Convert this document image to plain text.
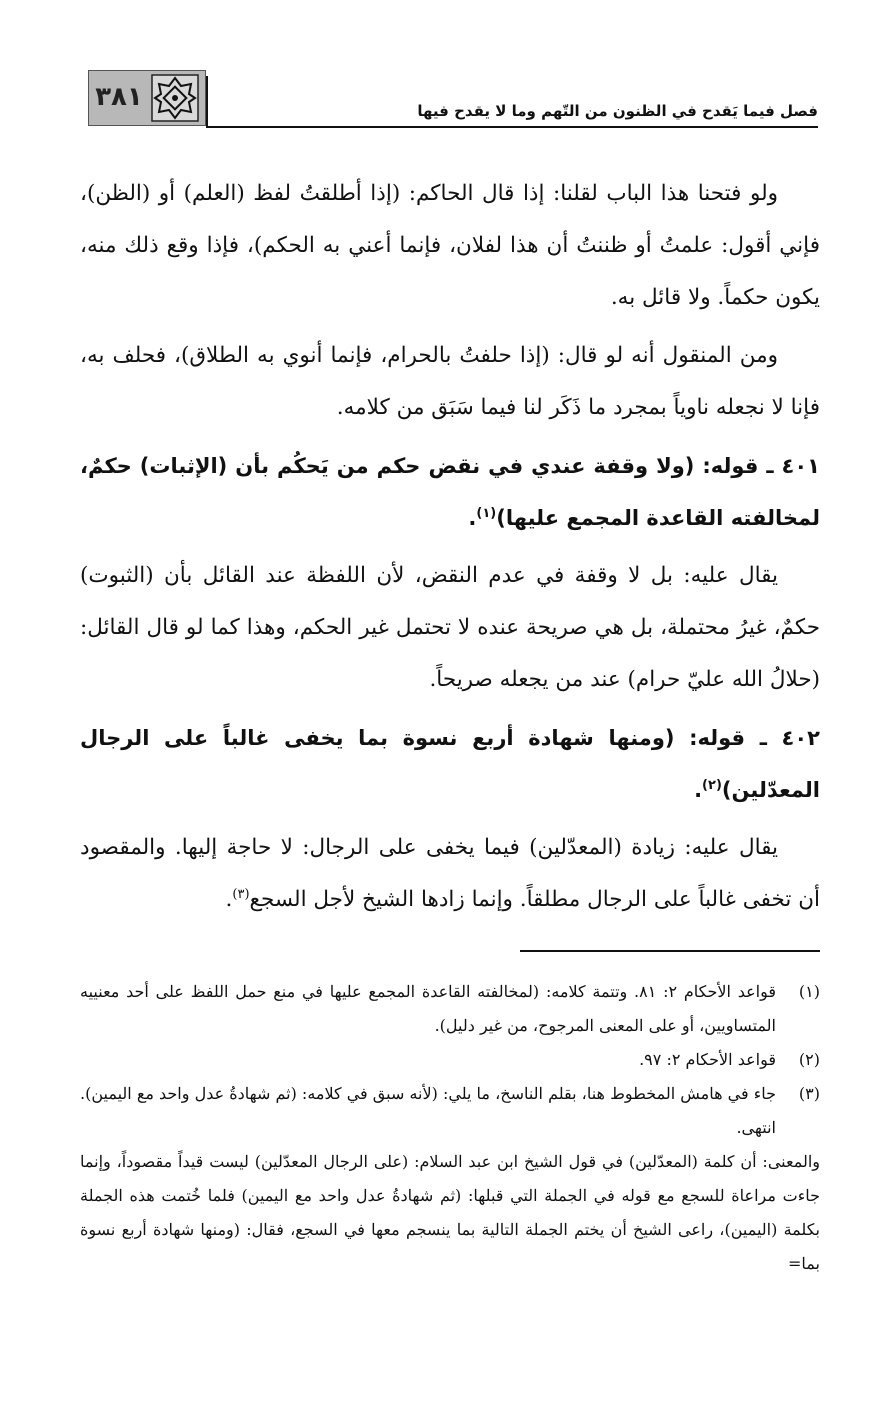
٣٨١	فصل فيما يَقدح في الظنون من التّهم وما لا يقدح فيها

ولو فتحنا هذا الباب لقلنا: إذا قال الحاكم: (إذا أطلقتُ لفظ (العلم) أو (الظن)، فإني أقول: علمتُ أو ظننتُ أن هذا لفلان، فإنما أعني به الحكم)، فإذا وقع ذلك منه، يكون حكماً. ولا قائل به.

ومن المنقول أنه لو قال: (إذا حلفتُ بالحرام، فإنما أنوي به الطلاق)، فحلف به، فإنا لا نجعله ناوياً بمجرد ما ذَكَر لنا فيما سَبَق من كلامه.

٤٠١ ـ قوله: (ولا وقفة عندي في نقض حكم من يَحكُم بأن (الإثبات) حكمٌ، لمخالفته القاعدة المجمع عليها)$^{(١)}$.

يقال عليه: بل لا وقفة في عدم النقض، لأن اللفظة عند القائل بأن (الثبوت) حكمٌ، غيرُ محتملة، بل هي صريحة عنده لا تحتمل غير الحكم، وهذا كما لو قال القائل: (حلالُ الله عليّ حرام) عند من يجعله صريحاً.

٤٠٢ ـ قوله: (ومنها شهادة أربع نسوة بما يخفى غالباً على الرجال المعدّلين)$^{(٢)}$.

يقال عليه: زيادة (المعدّلين) فيما يخفى على الرجال: لا حاجة إليها. والمقصود أن تخفى غالباً على الرجال مطلقاً. وإنما زادها الشيخ لأجل السجع$^{(٣)}$.

(١)
قواعد الأحكام ٢: ٨١. وتتمة كلامه: (لمخالفته القاعدة المجمع عليها في منع حمل اللفظ على أحد معنييه المتساويين، أو على المعنى المرجوح، من غير دليل).
(٢)
قواعد الأحكام ٢: ٩٧.
(٣)
جاء في هامش المخطوط هنا، بقلم الناسخ، ما يلي: (لأنه سبق في كلامه: (ثم شهادةُ عدل واحد مع اليمين). انتهى.

والمعنى: أن كلمة (المعدّلين) في قول الشيخ ابن عبد السلام: (على الرجال المعدّلين) ليست قيداً مقصوداً، وإنما جاءت مراعاة للسجع مع قوله في الجملة التي قبلها: (ثم شهادةُ عدل واحد مع اليمين) فلما خُتمت هذه الجملة بكلمة (اليمين)، راعى الشيخ أن يختم الجملة التالية بما ينسجم معها في السجع، فقال: (ومنها شهادة أربع نسوة بما=
